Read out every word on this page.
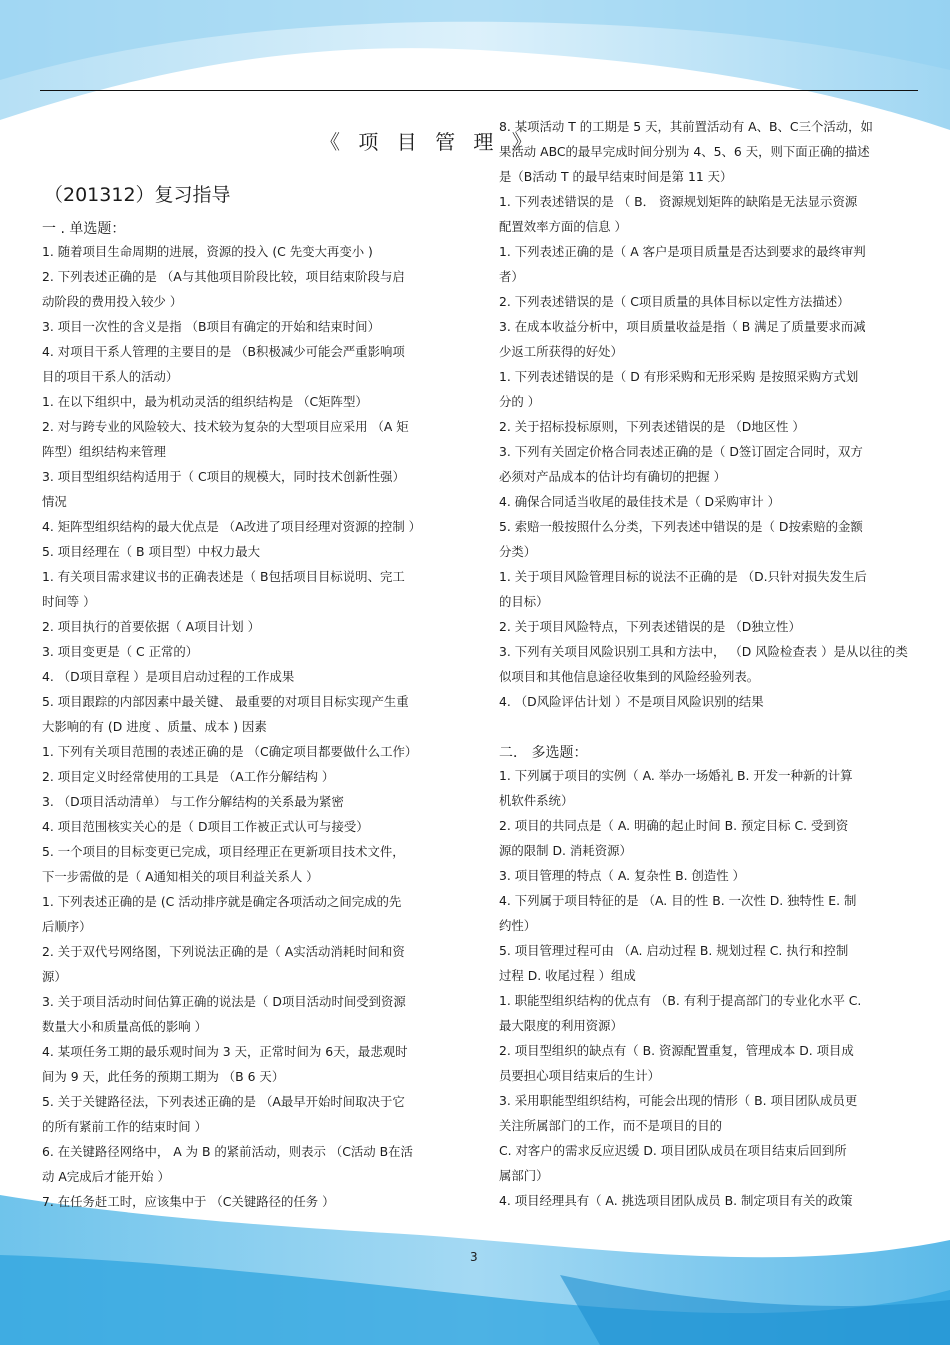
《 项 目 管 理 》
（201312）复习指导
一 . 单选题：
1. 随着项目生命周期的进展，资源的投入 (C 先变大再变小 )
2. 下列表述正确的是 （A与其他项目阶段比较，项目结束阶段与启
动阶段的费用投入较少 ）
3. 项目一次性的含义是指 （B项目有确定的开始和结束时间）
4. 对项目干系人管理的主要目的是 （B积极减少可能会严重影响项
目的项目干系人的活动）
1. 在以下组织中，最为机动灵活的组织结构是 （C矩阵型）
2. 对与跨专业的风险较大、技术较为复杂的大型项目应采用 （A 矩
阵型）组织结构来管理
3. 项目型组织结构适用于（ C项目的规模大，同时技术创新性强）
情况
4. 矩阵型组织结构的最大优点是 （A改进了项目经理对资源的控制 ）
5. 项目经理在（ B 项目型）中权力最大
1. 有关项目需求建议书的正确表述是（ B包括项目目标说明、完工
时间等 ）
2. 项目执行的首要依据（ A项目计划 ）
3. 项目变更是（ C 正常的）
4. （D项目章程 ）是项目启动过程的工作成果
5. 项目跟踪的内部因素中最关键、 最重要的对项目目标实现产生重
大影响的有 (D 进度 、质量、成本 ) 因素
1. 下列有关项目范围的表述正确的是 （C确定项目都要做什么工作）
2. 项目定义时经常使用的工具是 （A工作分解结构 ）
3. （D项目活动清单） 与工作分解结构的关系最为紧密
4. 项目范围核实关心的是（ D项目工作被正式认可与接受）
5. 一个项目的目标变更已完成，项目经理正在更新项目技术文件，
下一步需做的是（ A通知相关的项目利益关系人 ）
1. 下列表述正确的是 (C 活动排序就是确定各项活动之间完成的先
后顺序）
2. 关于双代号网络图，下列说法正确的是（ A实活动消耗时间和资
源）
3. 关于项目活动时间估算正确的说法是（ D项目活动时间受到资源
数量大小和质量高低的影响 ）
4. 某项任务工期的最乐观时间为 3 天，正常时间为 6天，最悲观时
间为 9 天，此任务的预期工期为 （B 6 天）
5. 关于关键路径法，下列表述正确的是 （A最早开始时间取决于它
的所有紧前工作的结束时间 ）
6. 在关键路径网络中， A 为 B 的紧前活动，则表示 （C活动 B在活
动 A完成后才能开始 ）
7. 在任务赶工时，应该集中于 （C关键路径的任务 ）
8. 某项活动 T 的工期是 5 天，其前置活动有 A、B、C三个活动，如
果活动 ABC的最早完成时间分别为 4、5、6 天，则下面正确的描述
是（B活动 T 的最早结束时间是第 11 天）
1. 下列表述错误的是 （ B． 资源规划矩阵的缺陷是无法显示资源
配置效率方面的信息 ）
1. 下列表述正确的是（ A 客户是项目质量是否达到要求的最终审判
者）
2. 下列表述错误的是（ C项目质量的具体目标以定性方法描述）
3. 在成本收益分析中，项目质量收益是指（ B 满足了质量要求而减
少返工所获得的好处）
1. 下列表述错误的是（ D 有形采购和无形采购 是按照采购方式划
分的 ）
2. 关于招标投标原则，下列表述错误的是 （D地区性 ）
3. 下列有关固定价格合同表述正确的是（ D签订固定合同时，双方
必须对产品成本的估计均有确切的把握 ）
4. 确保合同适当收尾的最佳技术是（ D采购审计 ）
5. 索赔一般按照什么分类，下列表述中错误的是（ D按索赔的金额
分类）
1. 关于项目风险管理目标的说法不正确的是 （D.只针对损失发生后
的目标）
2. 关于项目风险特点，下列表述错误的是 （D独立性）
3. 下列有关项目风险识别工具和方法中， （D 风险检查表 ）是从以往的类
似项目和其他信息途径收集到的风险经验列表。
4. （D风险评估计划 ）不是项目风险识别的结果
二． 多选题：
1. 下列属于项目的实例（ A. 举办一场婚礼 B. 开发一种新的计算
机软件系统）
2. 项目的共同点是（ A. 明确的起止时间 B. 预定目标 C. 受到资
源的限制 D. 消耗资源）
3. 项目管理的特点（ A. 复杂性 B. 创造性 ）
4. 下列属于项目特征的是 （A. 目的性 B. 一次性 D. 独特性 E. 制
约性）
5. 项目管理过程可由 （A. 启动过程 B. 规划过程 C. 执行和控制
过程 D. 收尾过程 ）组成
1. 职能型组织结构的优点有 （B. 有利于提高部门的专业化水平 C.
最大限度的利用资源）
2. 项目型组织的缺点有（ B. 资源配置重复，管理成本 D. 项目成
员要担心项目结束后的生计）
3. 采用职能型组织结构，可能会出现的情形（ B. 项目团队成员更
关注所属部门的工作，而不是项目的目的
C. 对客户的需求反应迟缓 D. 项目团队成员在项目结束后回到所
属部门）
4. 项目经理具有（ A. 挑选项目团队成员 B. 制定项目有关的政策
3
